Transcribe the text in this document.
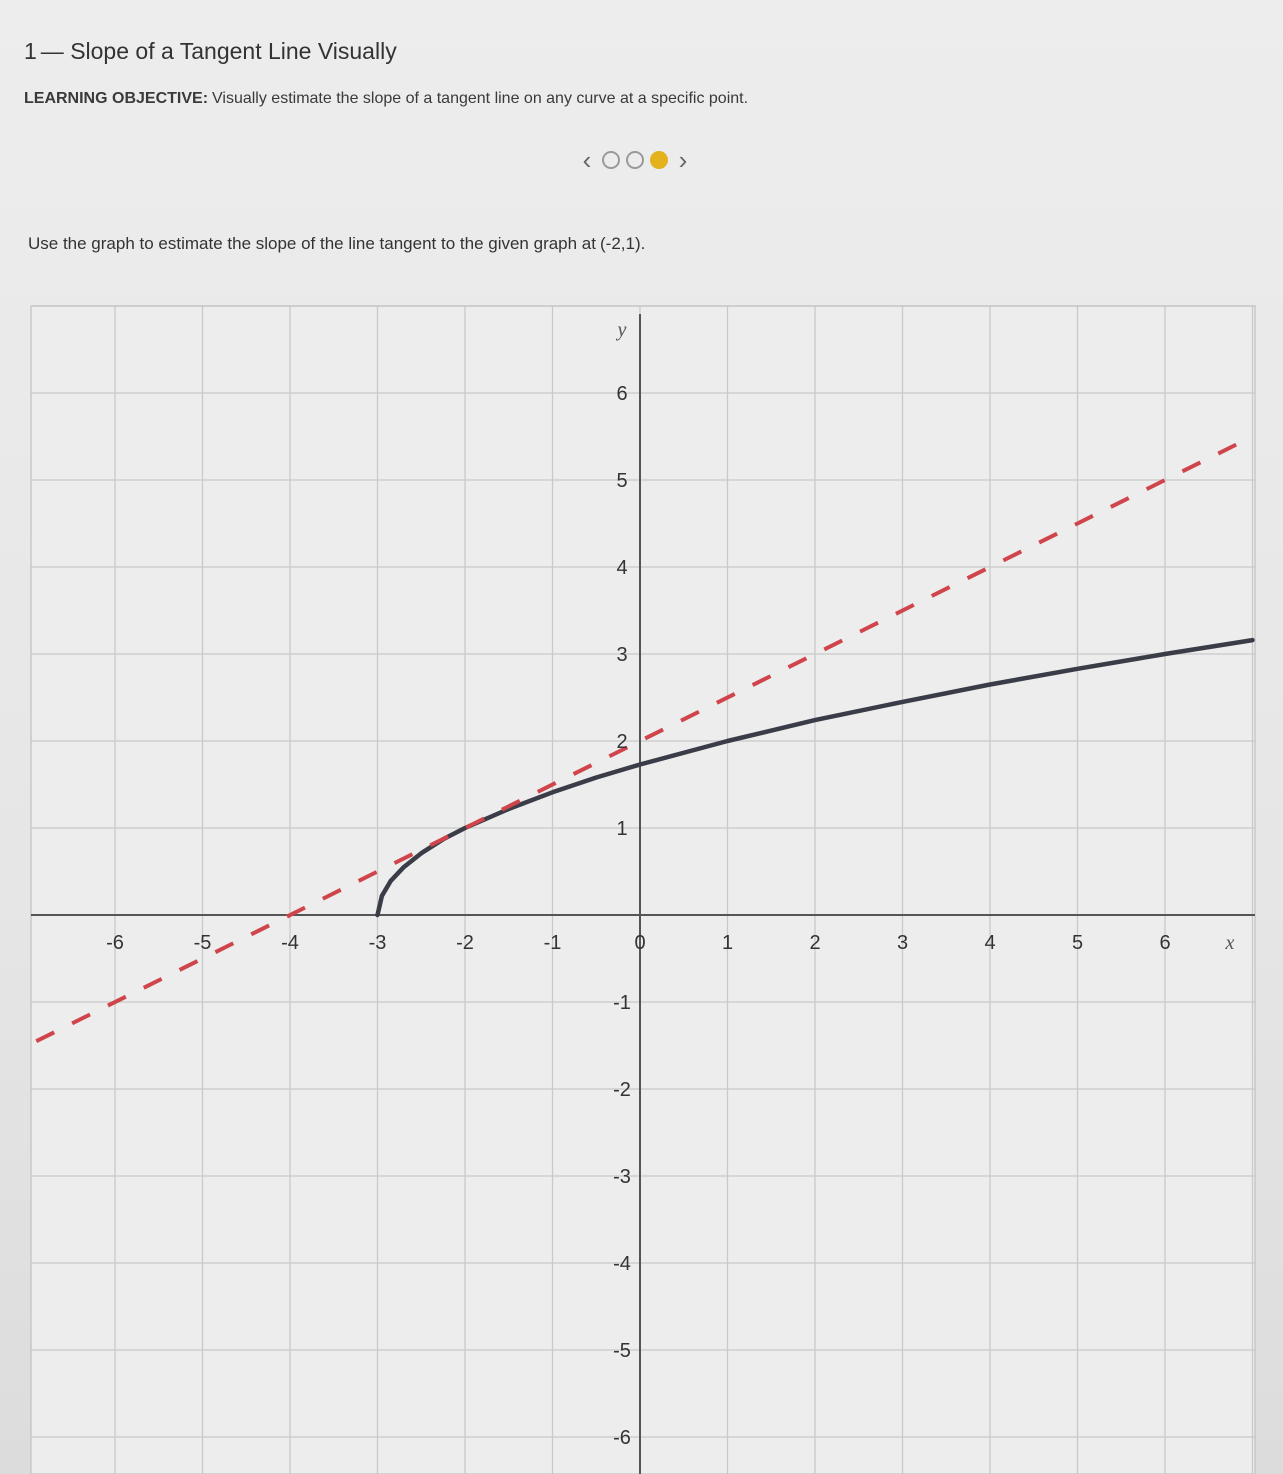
1 — Slope of a Tangent Line Visually
LEARNING OBJECTIVE: Visually estimate the slope of a tangent line on any curve at a specific point.
‹	›
Use the graph to estimate the slope of the line tangent to the given graph at (-2,1).
-6	-5	-4	-3	-2	-1	0	1	2	3	4	5	6
-6
-5
-4
-3
-2
-1
1
2
3
4
5
6
x
y
